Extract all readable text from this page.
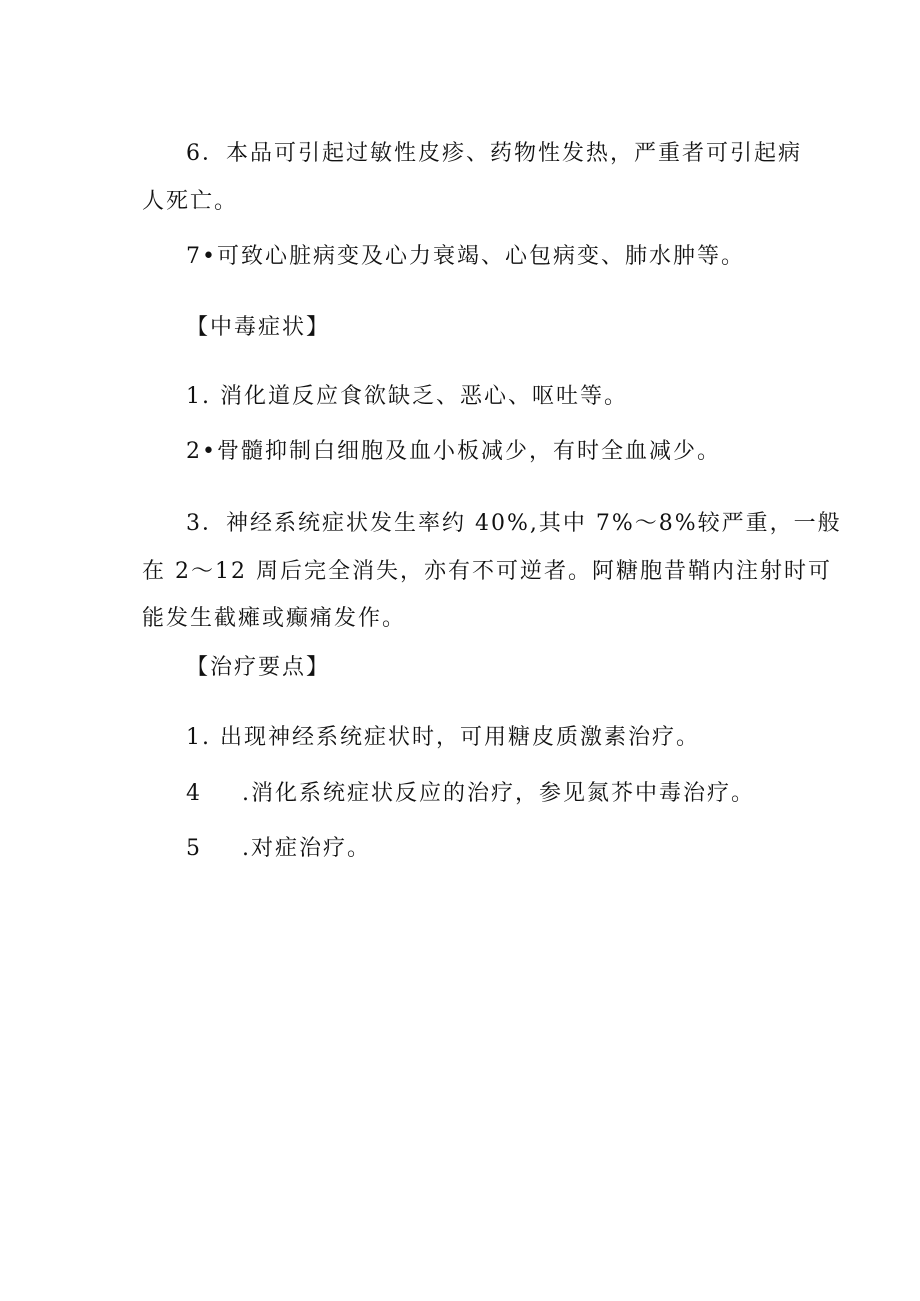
6．本品可引起过敏性皮疹、药物性发热，严重者可引起病
人死亡。
7•可致心脏病变及心力衰竭、心包病变、肺水肿等。
【中毒症状】
1. 消化道反应食欲缺乏、恶心、呕吐等。
2•骨髓抑制白细胞及血小板减少，有时全血减少。
3．神经系统症状发生率约 40%,其中 7%～8%较严重，一般
在 2～12 周后完全消失，亦有不可逆者。阿糖胞昔鞘内注射时可
能发生截瘫或癫痛发作。
【治疗要点】
1. 出现神经系统症状时，可用糖皮质激素治疗。
4 .消化系统症状反应的治疗，参见氮芥中毒治疗。
5 .对症治疗。
